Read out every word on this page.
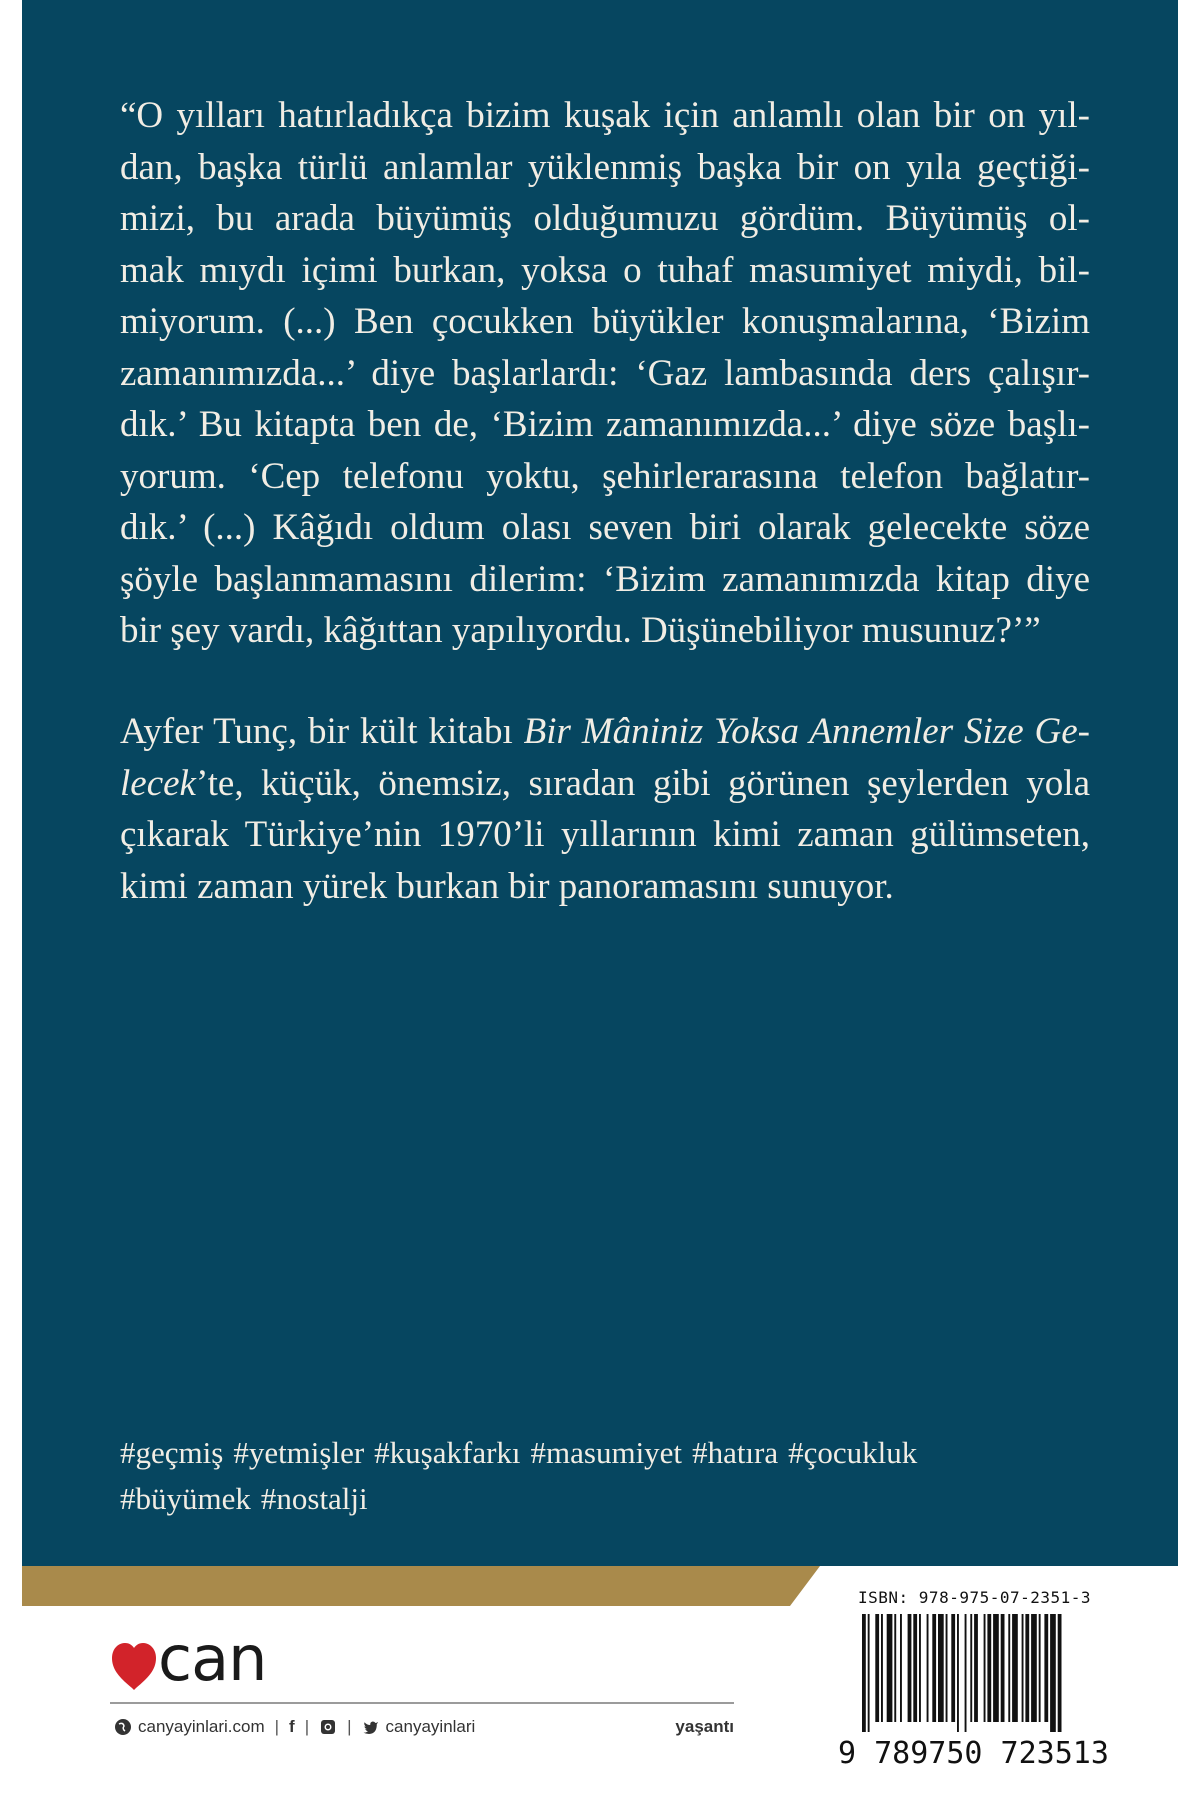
“O yılları hatırladıkça bizim kuşak için anlamlı olan bir on yıl-
dan, başka türlü anlamlar yüklenmiş başka bir on yıla geçtiği-
mizi, bu arada büyümüş olduğumuzu gördüm. Büyümüş ol-
mak mıydı içimi burkan, yoksa o tuhaf masumiyet miydi, bil-
miyorum. (...) Ben çocukken büyükler konuşmalarına, ‘Bizim
zamanımızda...’ diye başlarlardı: ‘Gaz lambasında ders çalışır-
dık.’ Bu kitapta ben de, ‘Bizim zamanımızda...’ diye söze başlı-
yorum. ‘Cep telefonu yoktu, şehirlerarasına telefon bağlatır-
dık.’ (...) Kâğıdı oldum olası seven biri olarak gelecekte söze
şöyle başlanmamasını dilerim: ‘Bizim zamanımızda kitap diye
bir şey vardı, kâğıttan yapılıyordu. Düşünebiliyor musunuz?’”
Ayfer Tunç, bir kült kitabı Bir Mâniniz Yoksa Annemler Size Ge-
lecek’te, küçük, önemsiz, sıradan gibi görünen şeylerden yola
çıkarak Türkiye’nin 1970’li yıllarının kimi zaman gülümseten,
kimi zaman yürek burkan bir panoramasını sunuyor.
#geçmiş #yetmişler #kuşakfarkı #masumiyet #hatıra #çocukluk
#büyümek #nostalji
can
canyayinlari.com | f | | canyayinlari	yaşantı
ISBN: 978-975-07-2351-3
9 789750 723513
